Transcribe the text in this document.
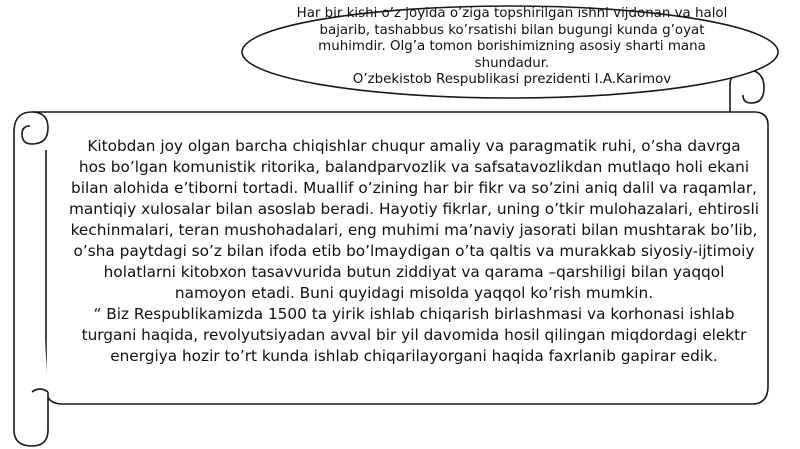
Har bir kishi o’z joyida o’ziga topshirilgan ishni vijdonan va halol
bajarib, tashabbus ko’rsatishi bilan bugungi kunda g’oyat
muhimdir. Olg’a tomon borishimizning asosiy sharti mana
shundadur.
O’zbekistob Respublikasi prezidenti I.A.Karimov
Kitobdan joy olgan barcha chiqishlar chuqur amaliy va paragmatik ruhi, o’sha davrga
hos bo’lgan komunistik ritorika, balandparvozlik va safsatavozlikdan mutlaqo holi ekani
bilan alohida e’tiborni tortadi. Muallif o’zining har bir fikr va so’zini aniq dalil va raqamlar,
mantiqiy xulosalar bilan asoslab beradi. Hayotiy fikrlar, uning o’tkir mulohazalari, ehtirosli
kechinmalari, teran mushohadalari, eng muhimi ma’naviy jasorati bilan mushtarak bo’lib,
o’sha paytdagi so’z bilan ifoda etib bo’lmaydigan o’ta qaltis va murakkab siyosiy-ijtimoiy
holatlarni kitobxon tasavvurida butun ziddiyat va qarama –qarshiligi bilan yaqqol
namoyon etadi. Buni quyidagi misolda yaqqol ko’rish mumkin.
“ Biz Respublikamizda 1500 ta yirik ishlab chiqarish birlashmasi va korhonasi ishlab
turgani haqida, revolyutsiyadan avval bir yil davomida hosil qilingan miqdordagi elektr
energiya hozir to’rt kunda ishlab chiqarilayorgani haqida faxrlanib gapirar edik.
